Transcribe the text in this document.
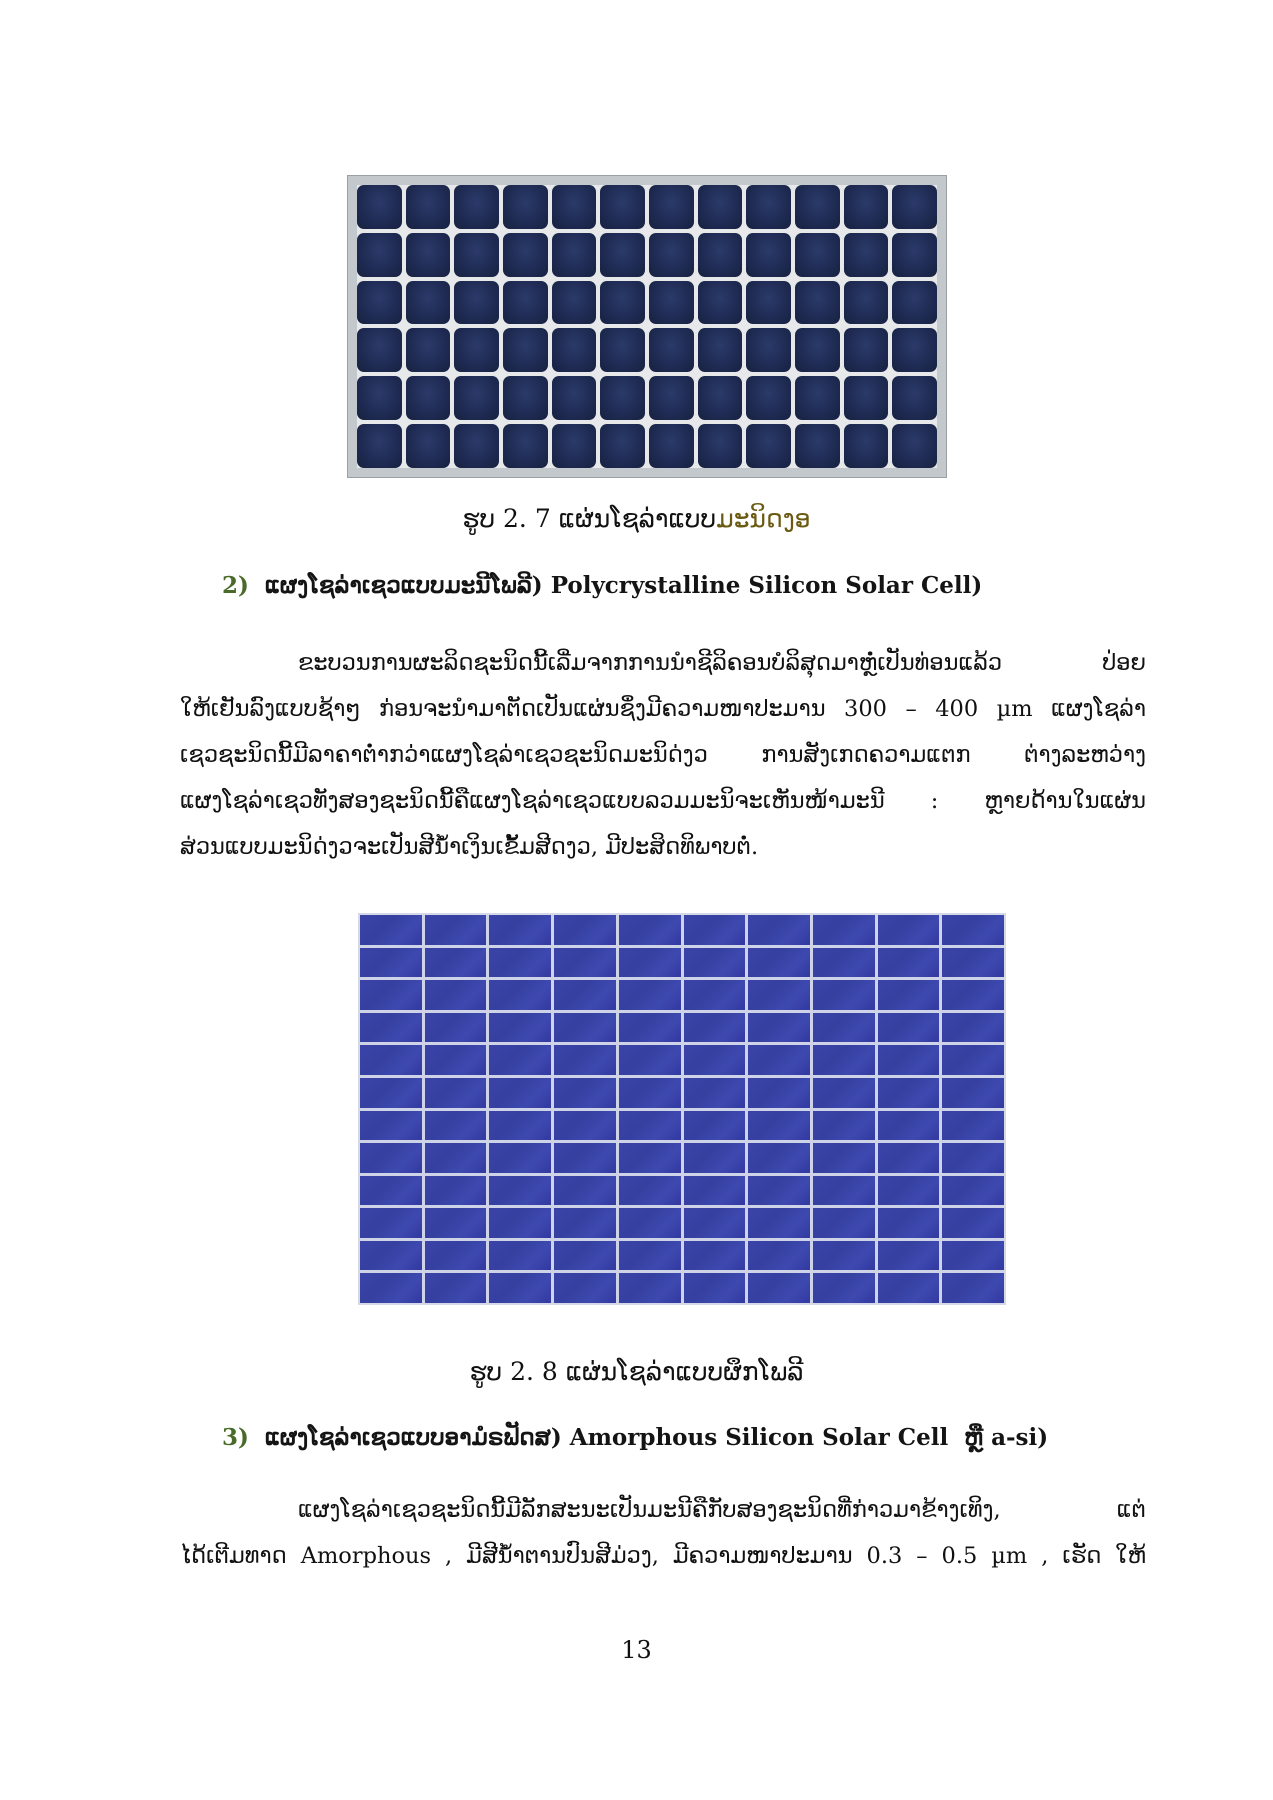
ຮູບ 2. 7 ແຜ່ນໂຊລ່າແບບມະນິດງອ
2) ແຜງໂຊລ່າເຊວແບບມະນີໂພລີ) Polycrystalline Silicon Solar Cell)
ຂະບວນການຜະລິດຊະນິດນີ້ເລີ່ມຈາກການນຳຊີລິຄອນບໍລິສຸດມາຫຼໍ່ເປັນທ່ອນແລ້ວ ປ່ອຍ
ໃຫ້ເຢັນລົງແບບຊ້າໆ ກ່ອນຈະນຳມາຕັດເປັນແຜ່ນຊຶ່ງມີຄວາມໜາປະມານ 300 – 400 µm ແຜງໂຊລ່າ
ເຊວຊະນິດນີ້ມີລາຄາຕໍ່າກວ່າແຜງໂຊລ່າເຊວຊະນິດມະນິດ່ງວ ການສັງເກດຄວາມແຕກ ຕ່າງລະຫວ່າງ
ແຜງໂຊລ່າເຊວທັງສອງຊະນິດນີ້ຄືແຜງໂຊລ່າເຊວແບບລວມມະນິຈະເຫັນໜ້າມະນີ : ຫຼາຍດ້ານໃນແຜ່ນ
ສ່ວນແບບມະນິດ່ງວຈະເປັນສີນ້ຳເງິນເຂັ້ມສີດງວ, ມີປະສິດທິພາບຕໍ່.
ຮູບ 2. 8 ແຜ່ນໂຊລ່າແບບຜຶກໂພລີ
3) ແຜງໂຊລ່າເຊວແບບອາມໍຣຟັດສ) Amorphous Silicon Solar Cell ຫຼື a-si)
ແຜງໂຊລ່າເຊວຊະນິດນີ້ມີລັກສະນະເປັນມະນີຄືກັບສອງຊະນິດທີ່ກ່າວມາຂ້າງເທິງ, ແຕ່
ໄດ້ເຕີມທາດ Amorphous , ມີສີນ້ຳຕານປົນສີມ່ວງ, ມີຄວາມໜາປະມານ 0.3 – 0.5 µm , ເຮັດ ໃຫ້
13
